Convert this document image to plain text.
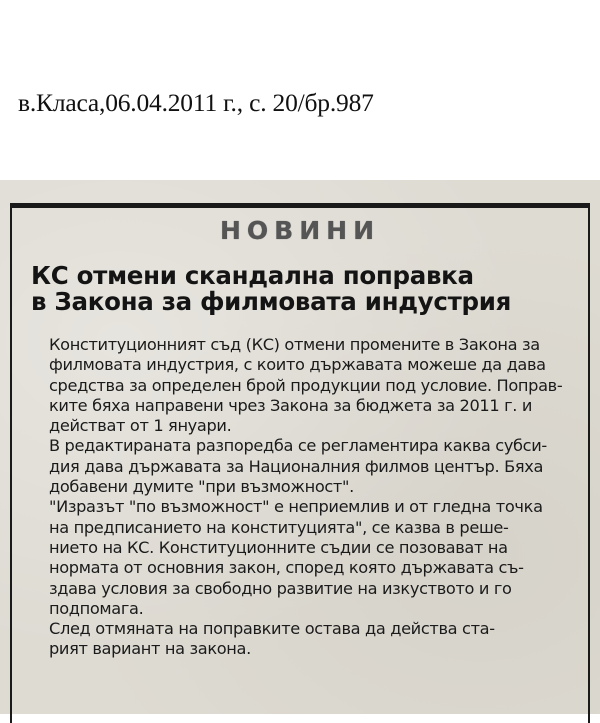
в.Класа,06.04.2011 г., с. 20/бр.987
НОВИНИ
КС отмени скандална поправка
в Закона за филмовата индустрия
Конституционният съд (КС) отмени промените в Закона за
филмовата индустрия, с които държавата можеше да дава
средства за определен брой продукции под условие. Поправ-
ките бяха направени чрез Закона за бюджета за 2011 г. и
действат от 1 януари.
В редактираната разпоредба се регламентира каква субси-
дия дава държавата за Националния филмов център. Бяха
добавени думите "при възможност".
"Изразът "по възможност" е неприемлив и от гледна точка
на предписанието на конституцията", се казва в реше-
нието на КС. Конституционните съдии се позовават на
нормата от основния закон, според която държавата съ-
здава условия за свободно развитие на изкуството и го
подпомага.
След отмяната на поправките остава да действа ста-
рият вариант на закона.
